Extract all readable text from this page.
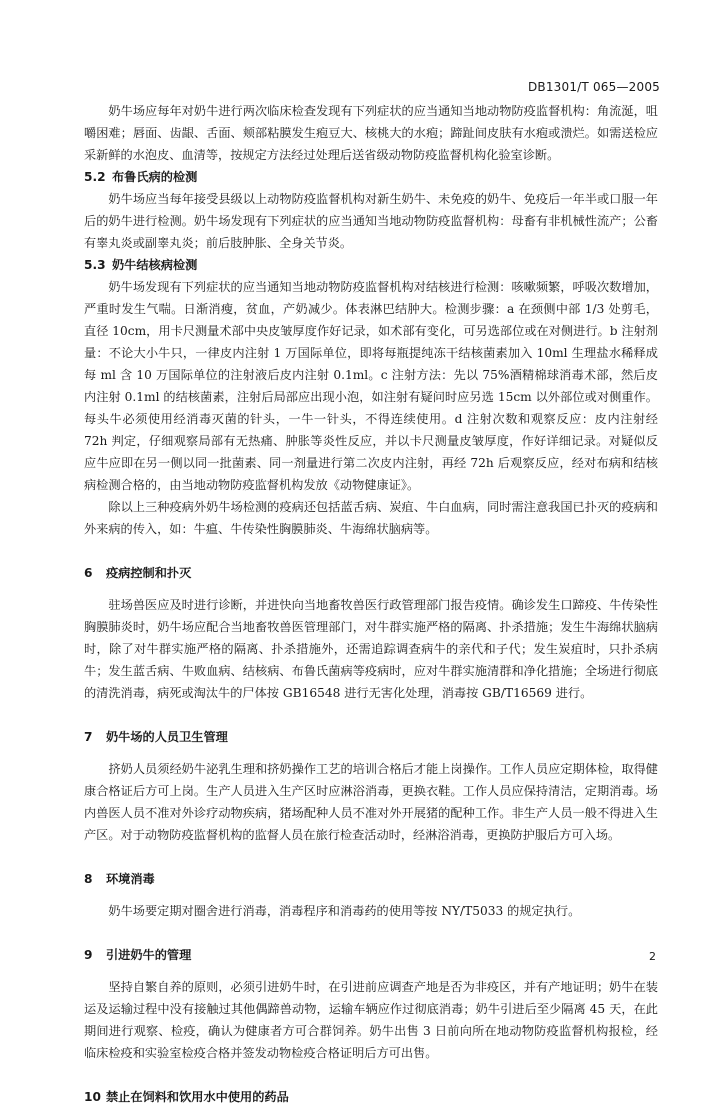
DB1301/T 065—2005

奶牛场应每年对奶牛进行两次临床检查发现有下列症状的应当通知当地动物防疫监督机构：角流涎，咀嚼困难；唇面、齿龈、舌面、颊部粘膜发生疱豆大、核桃大的水疱；蹄趾间皮肤有水疱或溃烂。如需送检应采新鲜的水泡皮、血清等，按规定方法经过处理后送省级动物防疫监督机构化验室诊断。

5.2 布鲁氏病的检测

奶牛场应当每年接受县级以上动物防疫监督机构对新生奶牛、未免疫的奶牛、免疫后一年半或口服一年后的奶牛进行检测。奶牛场发现有下列症状的应当通知当地动物防疫监督机构：母畜有非机械性流产；公畜有睾丸炎或副睾丸炎；前后肢肿胀、全身关节炎。

5.3 奶牛结核病检测

奶牛场发现有下列症状的应当通知当地动物防疫监督机构对结核进行检测：咳嗽频繁，呼吸次数增加，严重时发生气喘。日渐消瘦，贫血，产奶减少。体表淋巴结肿大。检测步骤：a 在颈侧中部 1/3 处剪毛，直径 10cm，用卡尺测量术部中央皮皱厚度作好记录，如术部有变化，可另选部位或在对侧进行。b 注射剂量：不论大小牛只，一律皮内注射 1 万国际单位，即将每瓶提纯冻干结核菌素加入 10ml 生理盐水稀释成每 ml 含 10 万国际单位的注射液后皮内注射 0.1ml。c 注射方法：先以 75%酒精棉球消毒术部，然后皮内注射 0.1ml 的结核菌素，注射后局部应出现小泡，如注射有疑问时应另选 15cm 以外部位或对侧重作。每头牛必须使用经消毒灭菌的针头，一牛一针头，不得连续使用。d 注射次数和观察反应：皮内注射经 72h 判定，仔细观察局部有无热痛、肿胀等炎性反应，并以卡尺测量皮皱厚度，作好详细记录。对疑似反应牛应即在另一侧以同一批菌素、同一剂量进行第二次皮内注射，再经 72h 后观察反应，经对布病和结核病检测合格的，由当地动物防疫监督机构发放《动物健康证》。

除以上三种疫病外奶牛场检测的疫病还包括蓝舌病、炭疽、牛白血病，同时需注意我国已扑灭的疫病和外来病的传入，如：牛瘟、牛传染性胸膜肺炎、牛海绵状脑病等。

6 疫病控制和扑灭

驻场兽医应及时进行诊断，并进快向当地畜牧兽医行政管理部门报告疫情。确诊发生口蹄疫、牛传染性胸膜肺炎时，奶牛场应配合当地畜牧兽医管理部门，对牛群实施严格的隔离、扑杀措施；发生牛海绵状脑病时，除了对牛群实施严格的隔离、扑杀措施外，还需追踪调查病牛的亲代和子代；发生炭疽时，只扑杀病牛；发生蓝舌病、牛败血病、结核病、布鲁氏菌病等疫病时，应对牛群实施清群和净化措施；全场进行彻底的清洗消毒，病死或淘汰牛的尸体按 GB16548 进行无害化处理，消毒按 GB/T16569 进行。

7 奶牛场的人员卫生管理

挤奶人员须经奶牛泌乳生理和挤奶操作工艺的培训合格后才能上岗操作。工作人员应定期体检，取得健康合格证后方可上岗。生产人员进入生产区时应淋浴消毒，更换衣鞋。工作人员应保持清洁，定期消毒。场内兽医人员不准对外诊疗动物疾病，猪场配种人员不准对外开展猪的配种工作。非生产人员一般不得进入生产区。对于动物防疫监督机构的监督人员在旅行检查活动时，经淋浴消毒，更换防护服后方可入场。

8 环境消毒

奶牛场要定期对圈舍进行消毒，消毒程序和消毒药的使用等按 NY/T5033 的规定执行。

9 引进奶牛的管理

坚持自繁自养的原则，必须引进奶牛时，在引进前应调查产地是否为非疫区，并有产地证明；奶牛在装运及运输过程中没有接触过其他偶蹄兽动物，运输车辆应作过彻底消毒；奶牛引进后至少隔离 45 天，在此期间进行观察、检疫，确认为健康者方可合群饲养。奶牛出售 3 日前向所在地动物防疫监督机构报检，经临床检疫和实验室检疫合格并签发动物检疫合格证明后方可出售。

10 禁止在饲料和饮用水中使用的药品

2
